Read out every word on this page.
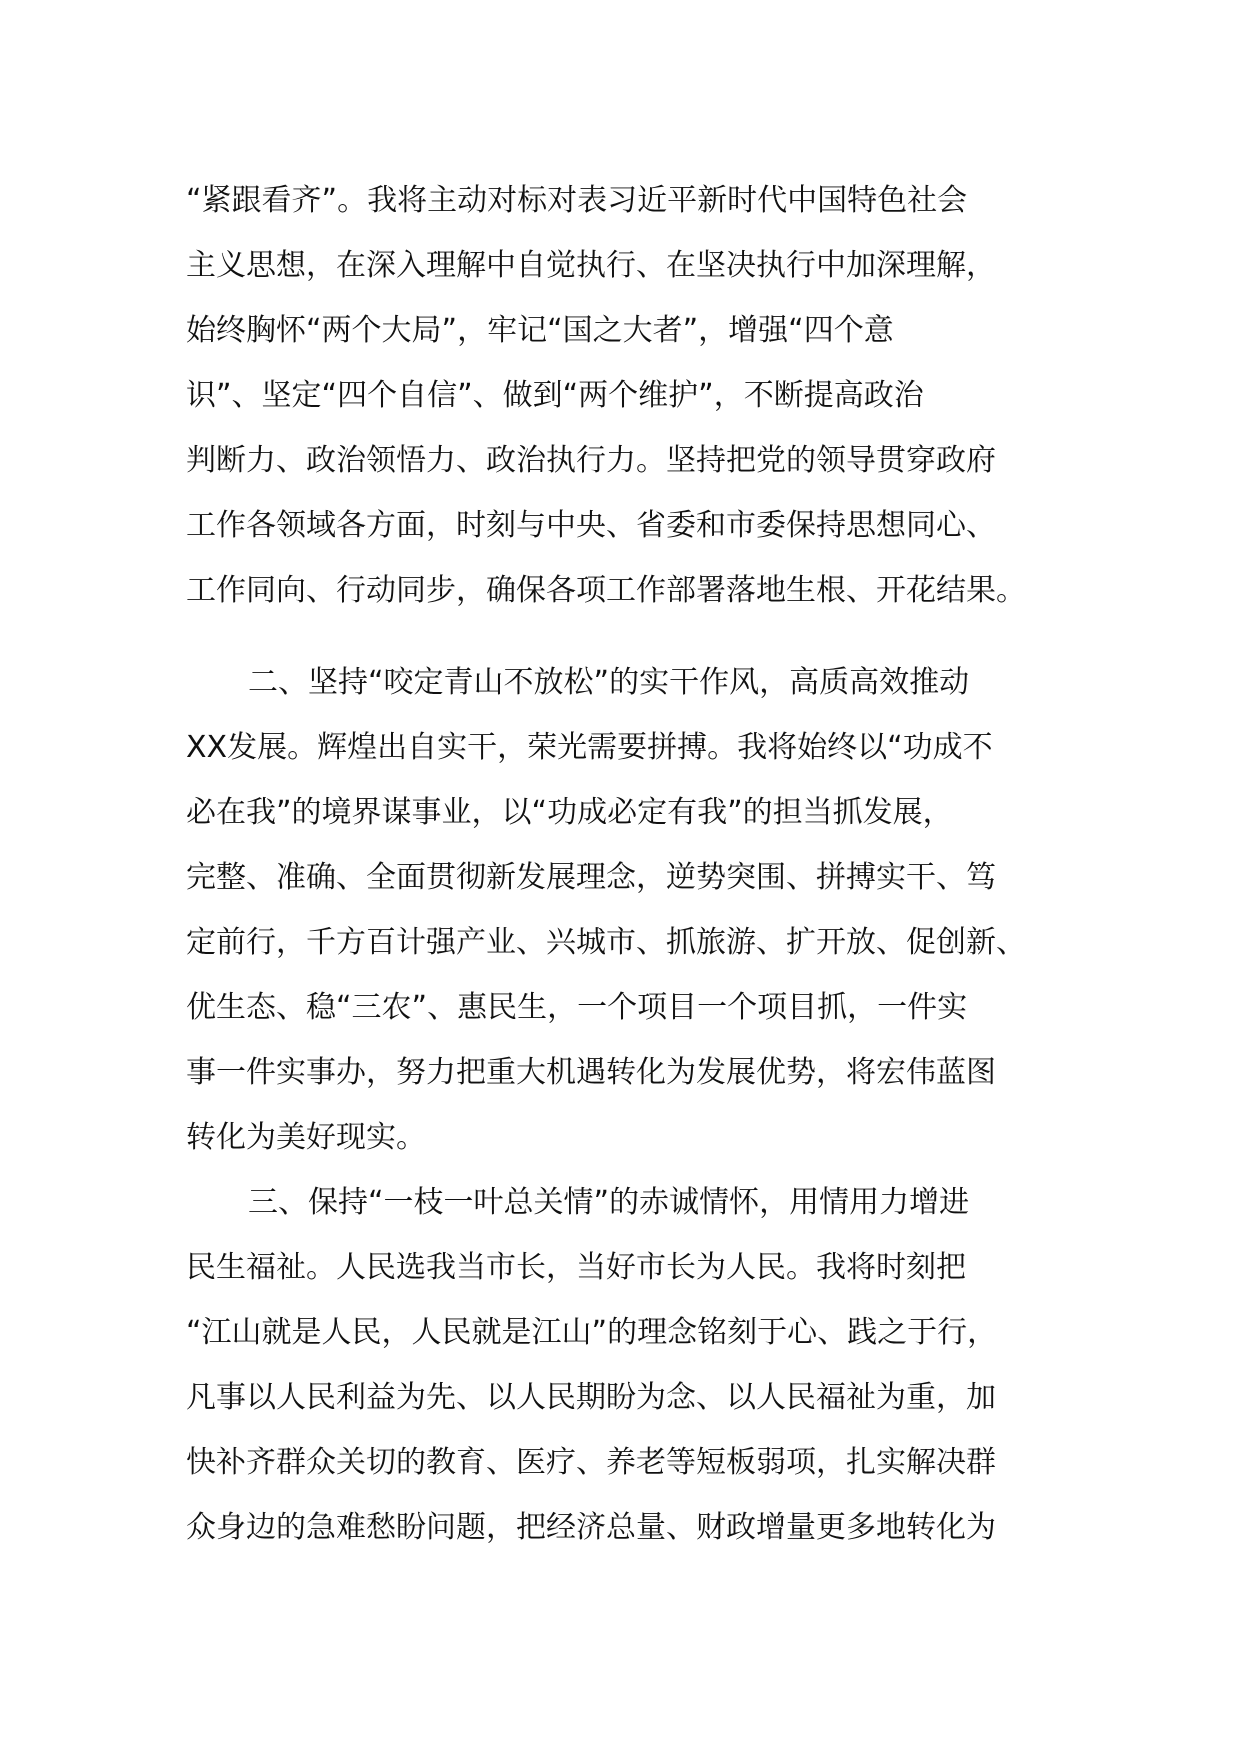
“紧跟看齐”。我将主动对标对表习近平新时代中国特色社会
主义思想，在深入理解中自觉执行、在坚决执行中加深理解，
始终胸怀“两个大局”，牢记“国之大者”，增强“四个意
识”、坚定“四个自信”、做到“两个维护”，不断提高政治
判断力、政治领悟力、政治执行力。坚持把党的领导贯穿政府
工作各领域各方面，时刻与中央、省委和市委保持思想同心、
工作同向、行动同步，确保各项工作部署落地生根、开花结果。
二、坚持“咬定青山不放松”的实干作风，高质高效推动
XX发展。辉煌出自实干，荣光需要拼搏。我将始终以“功成不
必在我”的境界谋事业，以“功成必定有我”的担当抓发展，
完整、准确、全面贯彻新发展理念，逆势突围、拼搏实干、笃
定前行，千方百计强产业、兴城市、抓旅游、扩开放、促创新、
优生态、稳“三农”、惠民生，一个项目一个项目抓，一件实
事一件实事办，努力把重大机遇转化为发展优势，将宏伟蓝图
转化为美好现实。
三、保持“一枝一叶总关情”的赤诚情怀，用情用力增进
民生福祉。人民选我当市长，当好市长为人民。我将时刻把
“江山就是人民，人民就是江山”的理念铭刻于心、践之于行，
凡事以人民利益为先、以人民期盼为念、以人民福祉为重，加
快补齐群众关切的教育、医疗、养老等短板弱项，扎实解决群
众身边的急难愁盼问题，把经济总量、财政增量更多地转化为
